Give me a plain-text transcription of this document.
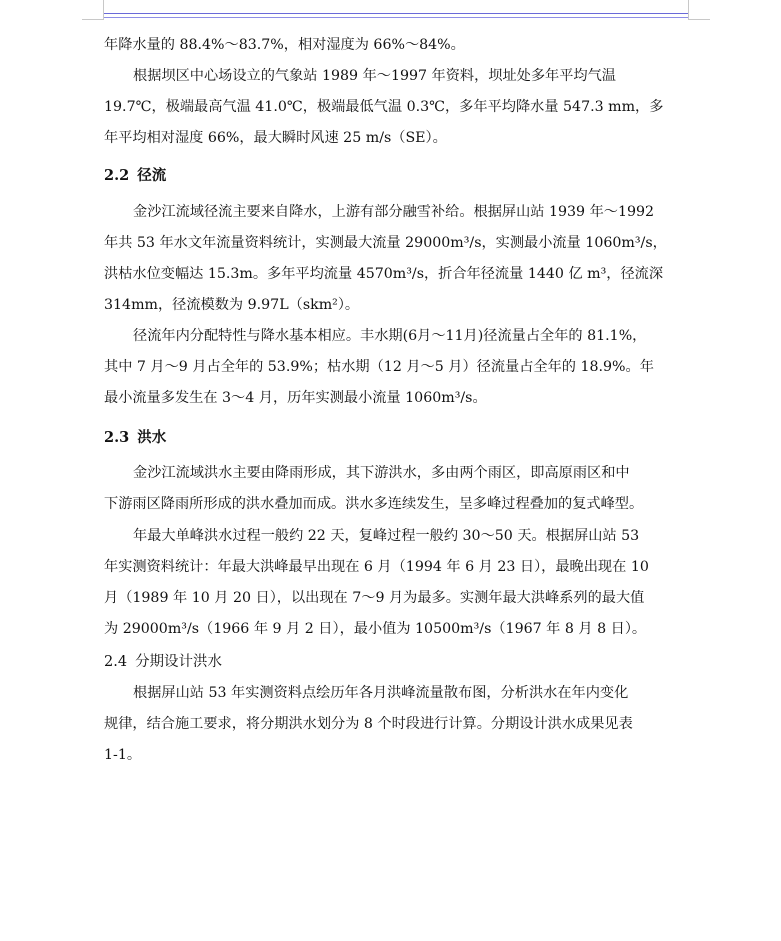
年降水量的 88.4%～83.7%，相对湿度为 66%～84%。
根据坝区中心场设立的气象站 1989 年～1997 年资料，坝址处多年平均气温
19.7℃，极端最高气温 41.0℃，极端最低气温 0.3℃，多年平均降水量 547.3 mm，多
年平均相对湿度 66%，最大瞬时风速 25 m/s（SE）。
2.2 径流
金沙江流域径流主要来自降水，上游有部分融雪补给。根据屏山站 1939 年～1992
年共 53 年水文年流量资料统计，实测最大流量 29000m³/s，实测最小流量 1060m³/s，
洪枯水位变幅达 15.3m。多年平均流量 4570m³/s，折合年径流量 1440 亿 m³，径流深
314mm，径流模数为 9.97L（skm²）。
径流年内分配特性与降水基本相应。丰水期(6月～11月)径流量占全年的 81.1%，
其中 7 月～9 月占全年的 53.9%；枯水期（12 月～5 月）径流量占全年的 18.9%。年
最小流量多发生在 3～4 月，历年实测最小流量 1060m³/s。
2.3 洪水
金沙江流域洪水主要由降雨形成，其下游洪水，多由两个雨区，即高原雨区和中
下游雨区降雨所形成的洪水叠加而成。洪水多连续发生，呈多峰过程叠加的复式峰型。
年最大单峰洪水过程一般约 22 天，复峰过程一般约 30～50 天。根据屏山站 53
年实测资料统计：年最大洪峰最早出现在 6 月（1994 年 6 月 23 日），最晚出现在 10
月（1989 年 10 月 20 日），以出现在 7～9 月为最多。实测年最大洪峰系列的最大值
为 29000m³/s（1966 年 9 月 2 日），最小值为 10500m³/s（1967 年 8 月 8 日）。
2.4 分期设计洪水
根据屏山站 53 年实测资料点绘历年各月洪峰流量散布图，分析洪水在年内变化
规律，结合施工要求，将分期洪水划分为 8 个时段进行计算。分期设计洪水成果见表
1-1。
